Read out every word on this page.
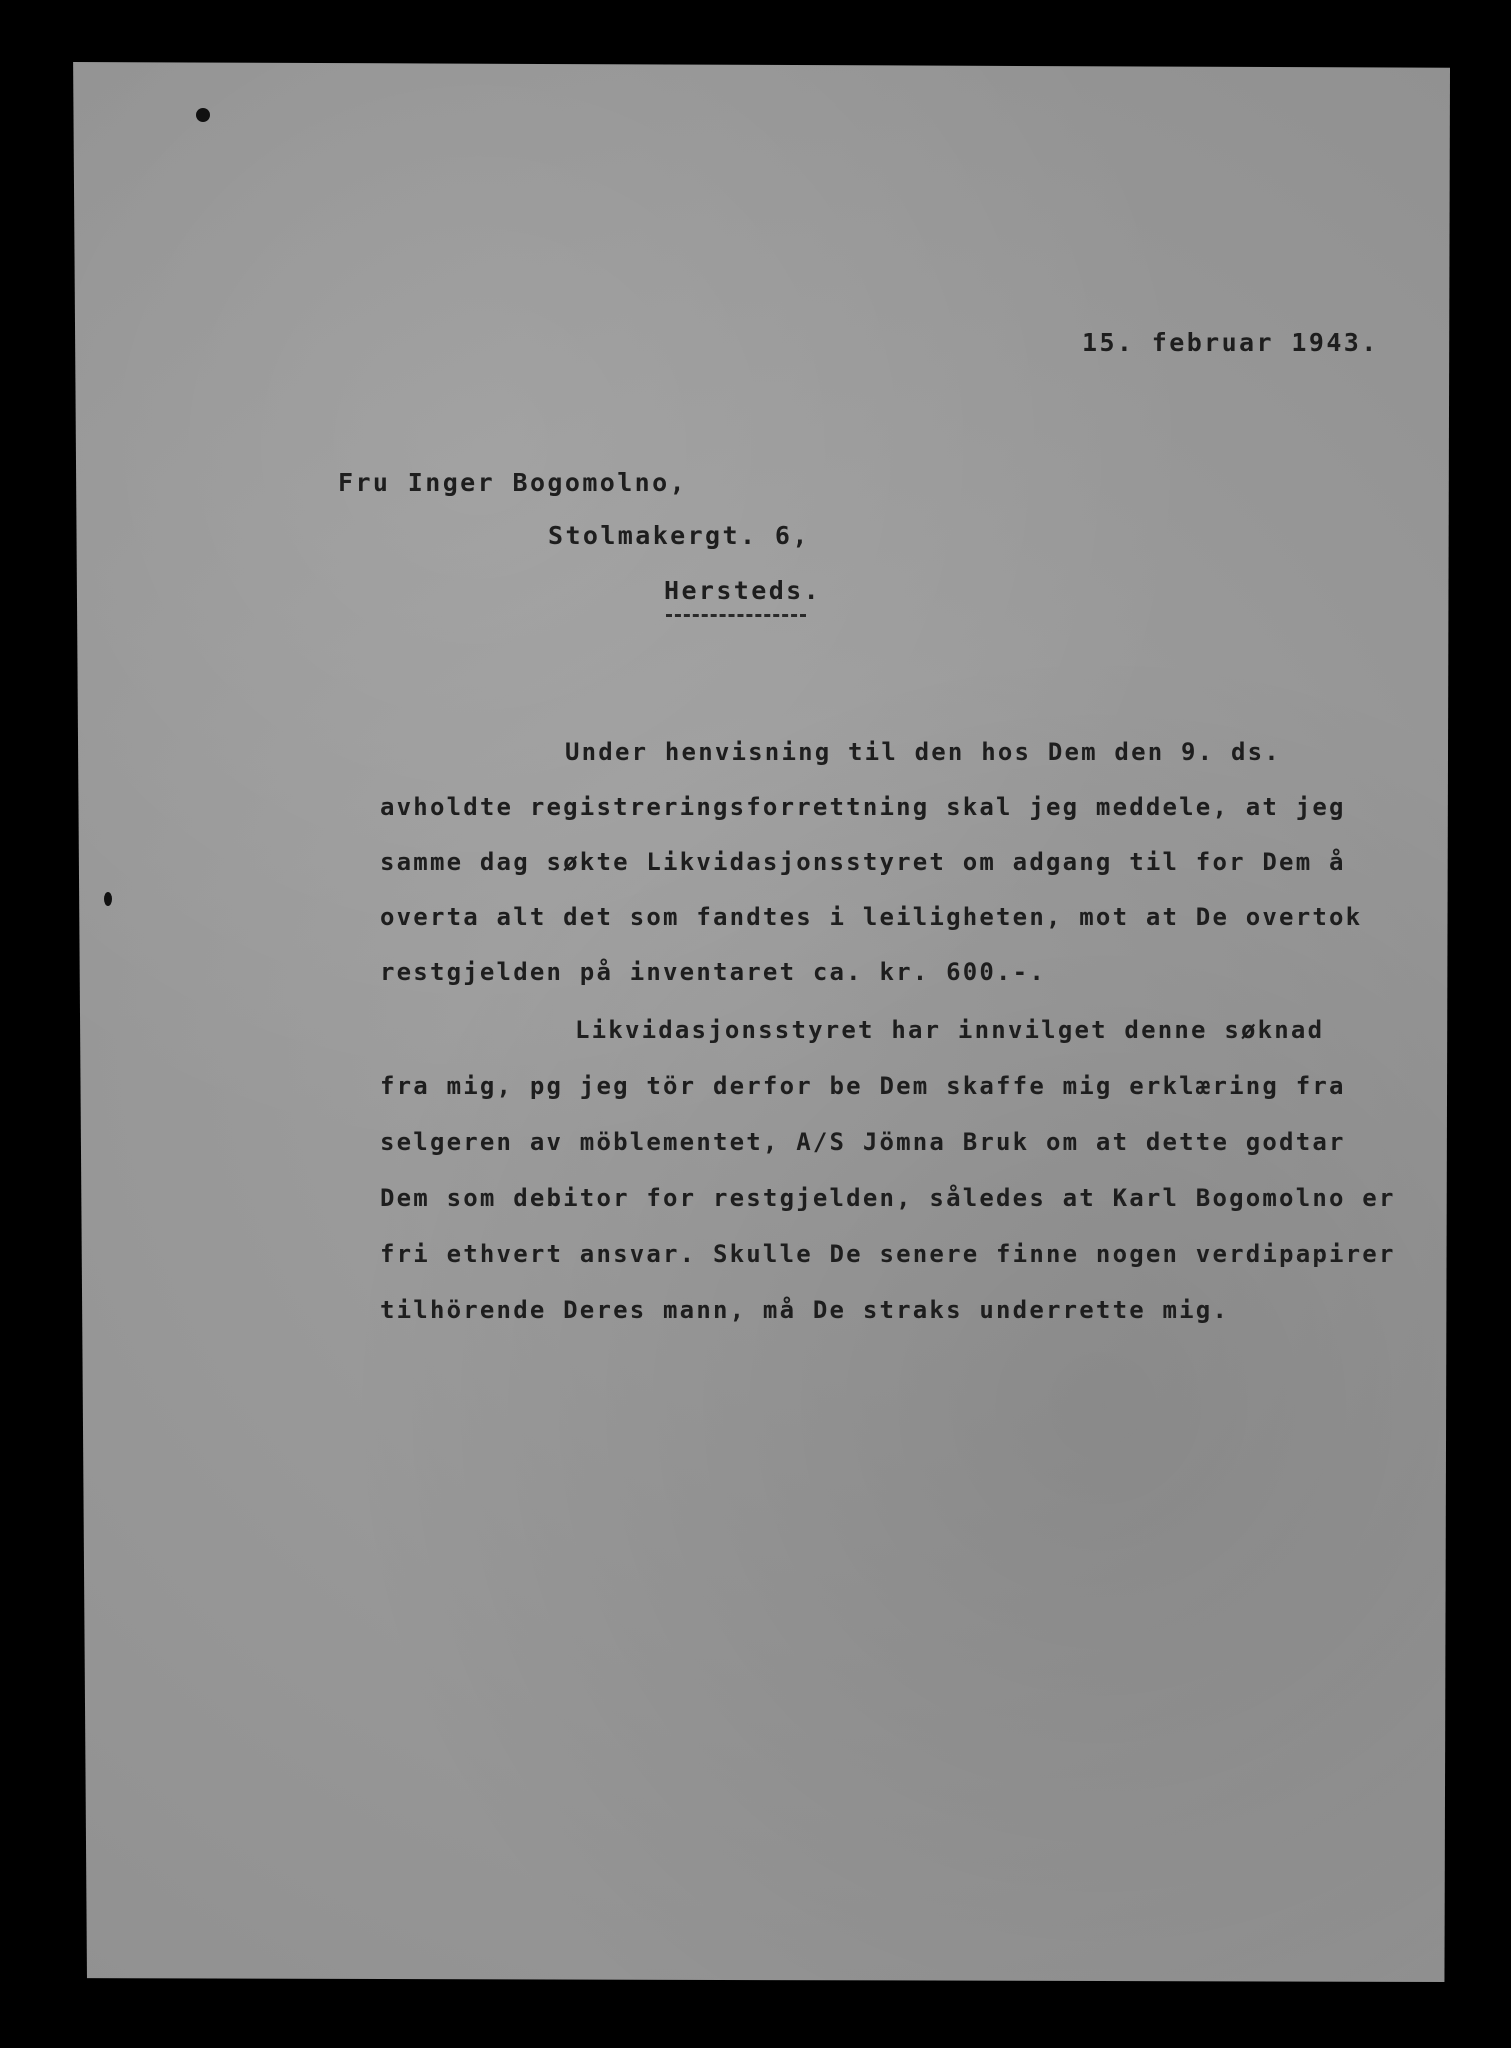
15. februar 1943.

Fru Inger Bogomolno,

Stolmakergt. 6,

Hersteds.

Under henvisning til den hos Dem den 9. ds.
avholdte registreringsforrettning skal jeg meddele, at jeg
samme dag søkte Likvidasjonsstyret om adgang til for Dem å
overta alt det som fandtes i leiligheten, mot at De overtok
restgjelden på inventaret ca. kr. 600.-.
Likvidasjonsstyret har innvilget denne søknad
fra mig, pg jeg tör derfor be Dem skaffe mig erklæring fra
selgeren av möblementet, A/S Jömna Bruk om at dette godtar
Dem som debitor for restgjelden, således at Karl Bogomolno er
fri ethvert ansvar. Skulle De senere finne nogen verdipapirer
tilhörende Deres mann, må De straks underrette mig.
